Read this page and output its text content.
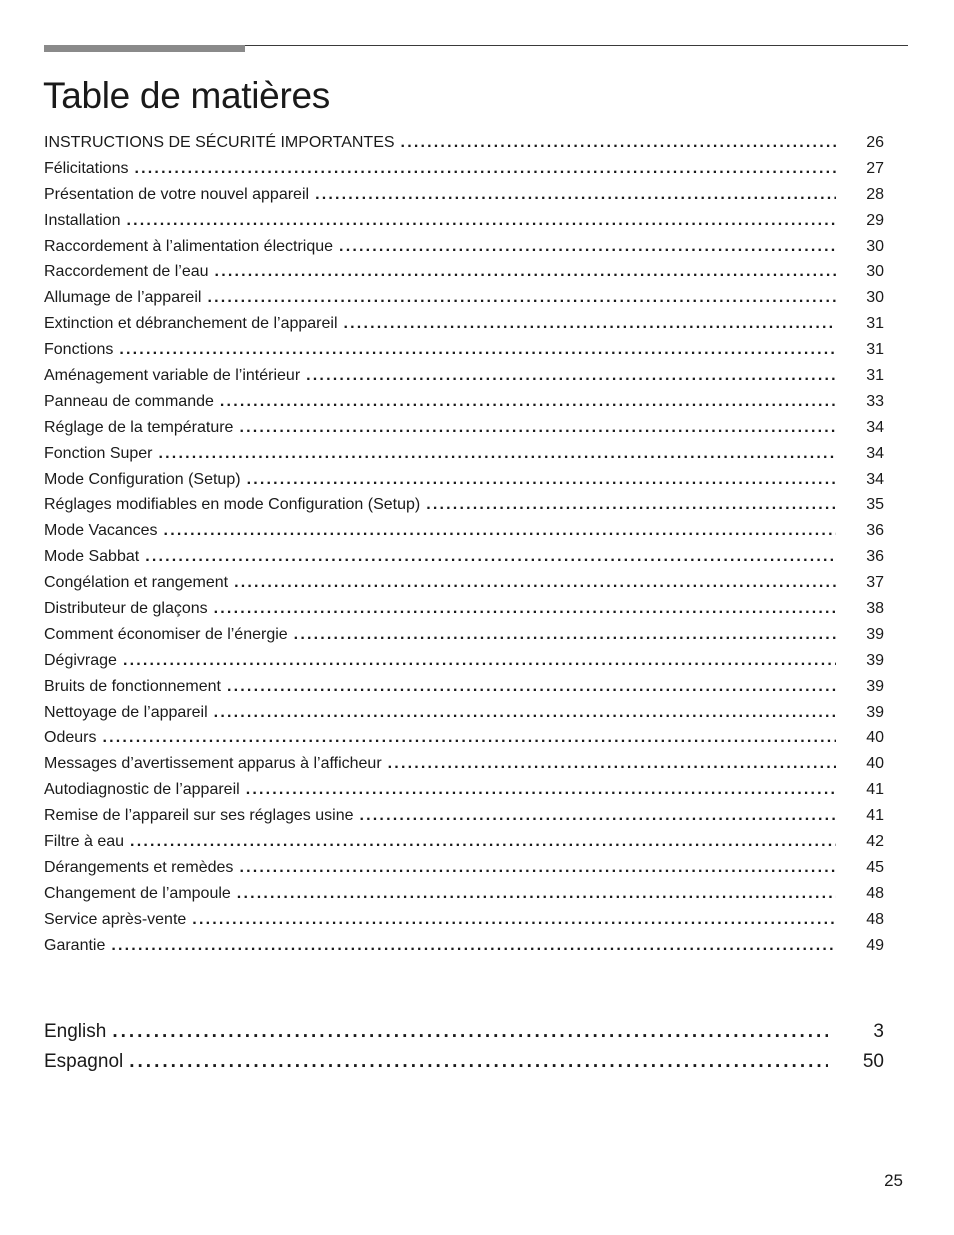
Table de matières
INSTRUCTIONS DE SÉCURITÉ IMPORTANTES .....	26
Félicitations .....	27
Présentation de votre nouvel appareil .....	28
Installation .....	29
Raccordement à l’alimentation électrique .....	30
Raccordement de l’eau .....	30
Allumage de l’appareil .....	30
Extinction et débranchement de l’appareil .....	31
Fonctions .....	31
Aménagement variable de l’intérieur .....	31
Panneau de commande .....	33
Réglage de la température .....	34
Fonction Super .....	34
Mode Configuration (Setup) .....	34
Réglages modifiables en mode Configuration (Setup) .....	35
Mode Vacances .....	36
Mode Sabbat .....	36
Congélation et rangement .....	37
Distributeur de glaçons .....	38
Comment économiser de l’énergie .....	39
Dégivrage .....	39
Bruits de fonctionnement .....	39
Nettoyage de l’appareil .....	39
Odeurs .....	40
Messages d’avertissement apparus à l’afficheur .....	40
Autodiagnostic de l’appareil .....	41
Remise de l’appareil sur ses réglages usine .....	41
Filtre à eau .....	42
Dérangements et remèdes .....	45
Changement de l’ampoule .....	48
Service après-vente .....	48
Garantie .....	49
English .....	3
Espagnol .....	50
25
